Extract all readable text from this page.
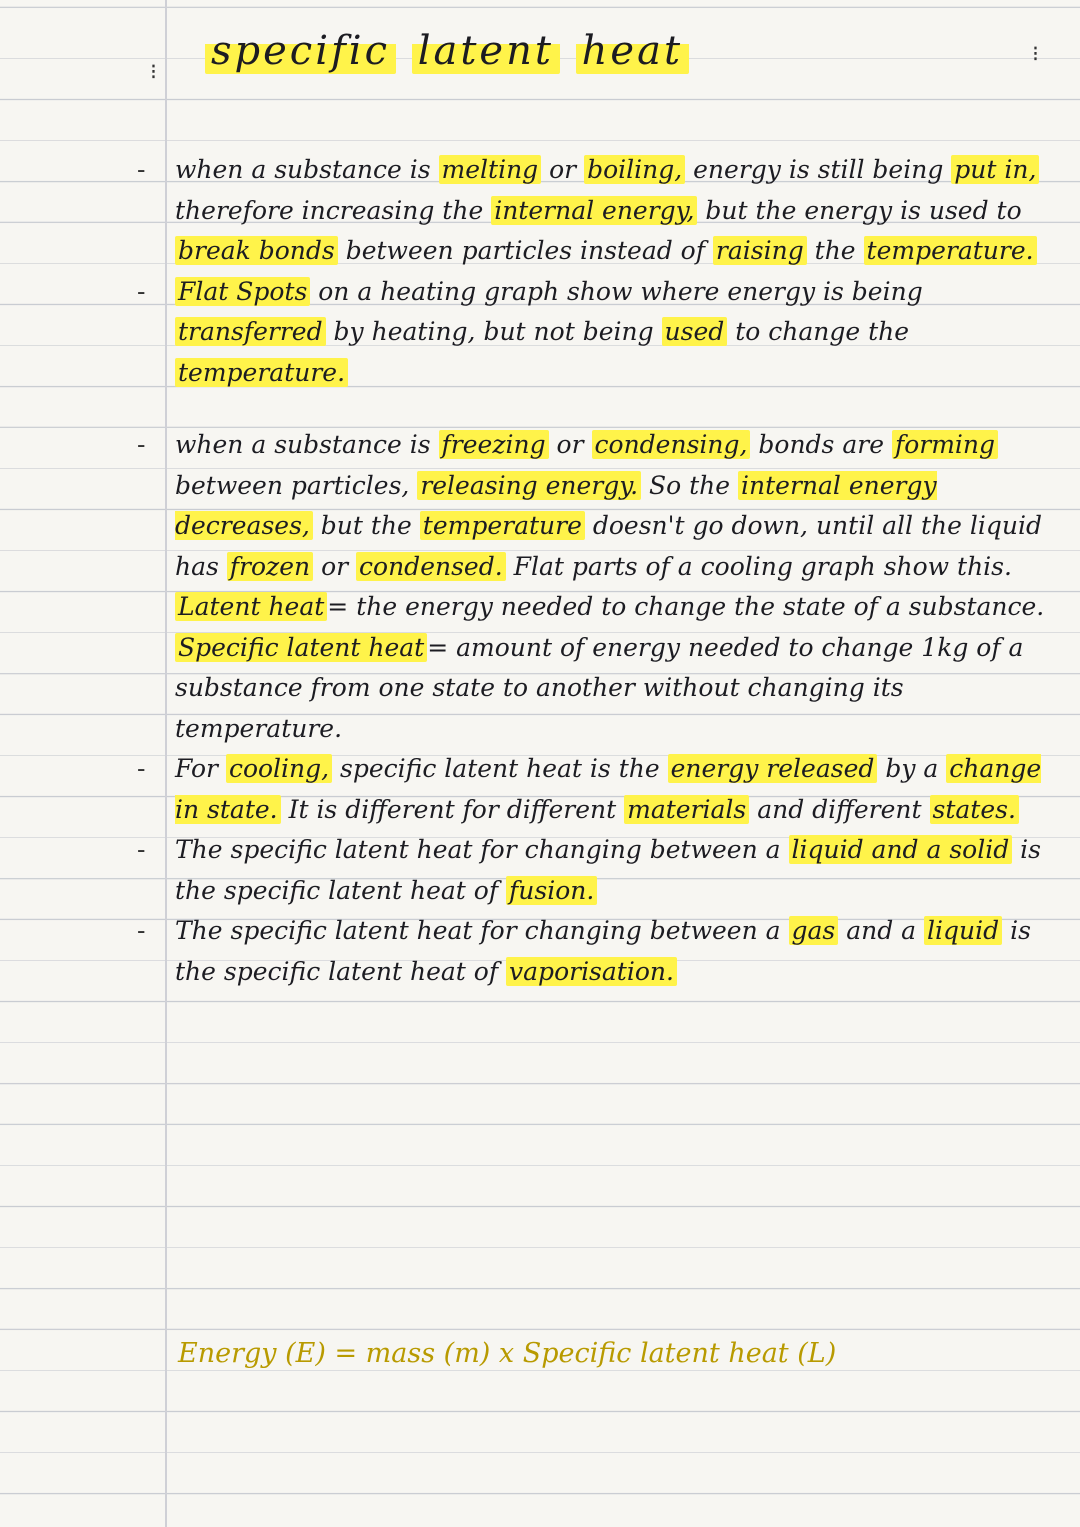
⁝
⁝
specific latent heat

- when a substance is melting or boiling, energy is still being put in, therefore increasing the internal energy, but the energy is used to break bonds between particles instead of raising the temperature.

- Flat Spots on a heating graph show where energy is being transferred by heating, but not being used to change the temperature.

- when a substance is freezing or condensing, bonds are forming between particles, releasing energy. So the internal energy decreases, but the temperature doesn't go down, until all the liquid has frozen or condensed. Flat parts of a cooling graph show this.

Latent heat = the energy needed to change the state of a substance.

Specific latent heat = amount of energy needed to change 1kg of a substance from one state to another without changing its temperature.

- For cooling, specific latent heat is the energy released by a change in state. It is different for different materials and different states.

- The specific latent heat for changing between a liquid and a solid is the specific latent heat of fusion.

- The specific latent heat for changing between a gas and a liquid is the specific latent heat of vaporisation.

Energy (E) = mass (m) x Specific latent heat (L)
